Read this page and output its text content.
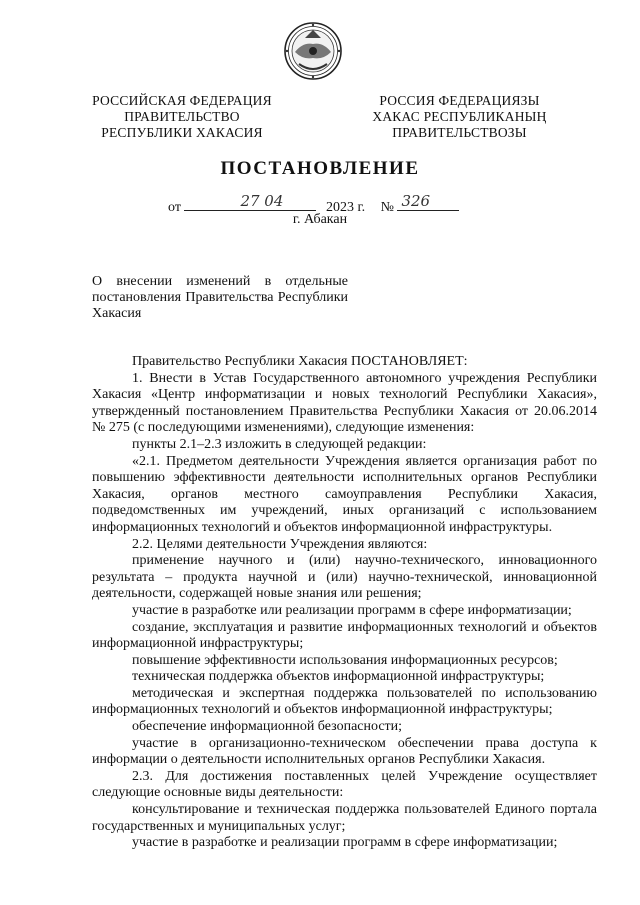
РОССИЙСКАЯ ФЕДЕРАЦИЯ
ПРАВИТЕЛЬСТВО
РЕСПУБЛИКИ ХАКАСИЯ
РОССИЯ ФЕДЕРАЦИЯЗЫ
ХАКАС РЕСПУБЛИКАНЫҢ
ПРАВИТЕЛЬСТВОЗЫ
ПОСТАНОВЛЕНИЕ
от	27 04	2023 г. № 326
г. Абакан
О внесении изменений в отдельные постановления Правительства Республики Хакасия

Правительство Республики Хакасия ПОСТАНОВЛЯЕТ:

1. Внести в Устав Государственного автономного учреждения Республики Хакасия «Центр информатизации и новых технологий Республики Хакасия», утвержденный постановлением Правительства Республики Хакасия от 20.06.2014 № 275 (с последующими изменениями), следующие изменения:

пункты 2.1–2.3 изложить в следующей редакции:

«2.1. Предметом деятельности Учреждения является организация работ по повышению эффективности деятельности исполнительных органов Республики Хакасия, органов местного самоуправления Республики Хакасия, подведомственных им учреждений, иных организаций с использованием информационных технологий и объектов информационной инфраструктуры.

2.2. Целями деятельности Учреждения являются:

применение научного и (или) научно-технического, инновационного результата – продукта научной и (или) научно-технической, инновационной деятельности, содержащей новые знания или решения;

участие в разработке или реализации программ в сфере информатизации;

создание, эксплуатация и развитие информационных технологий и объектов информационной инфраструктуры;

повышение эффективности использования информационных ресурсов;

техническая поддержка объектов информационной инфраструктуры;

методическая и экспертная поддержка пользователей по использованию информационных технологий и объектов информационной инфраструктуры;

обеспечение информационной безопасности;

участие в организационно-техническом обеспечении права доступа к информации о деятельности исполнительных органов Республики Хакасия.

2.3. Для достижения поставленных целей Учреждение осуществляет следующие основные виды деятельности:

консультирование и техническая поддержка пользователей Единого портала государственных и муниципальных услуг;

участие в разработке и реализации программ в сфере информатизации;
